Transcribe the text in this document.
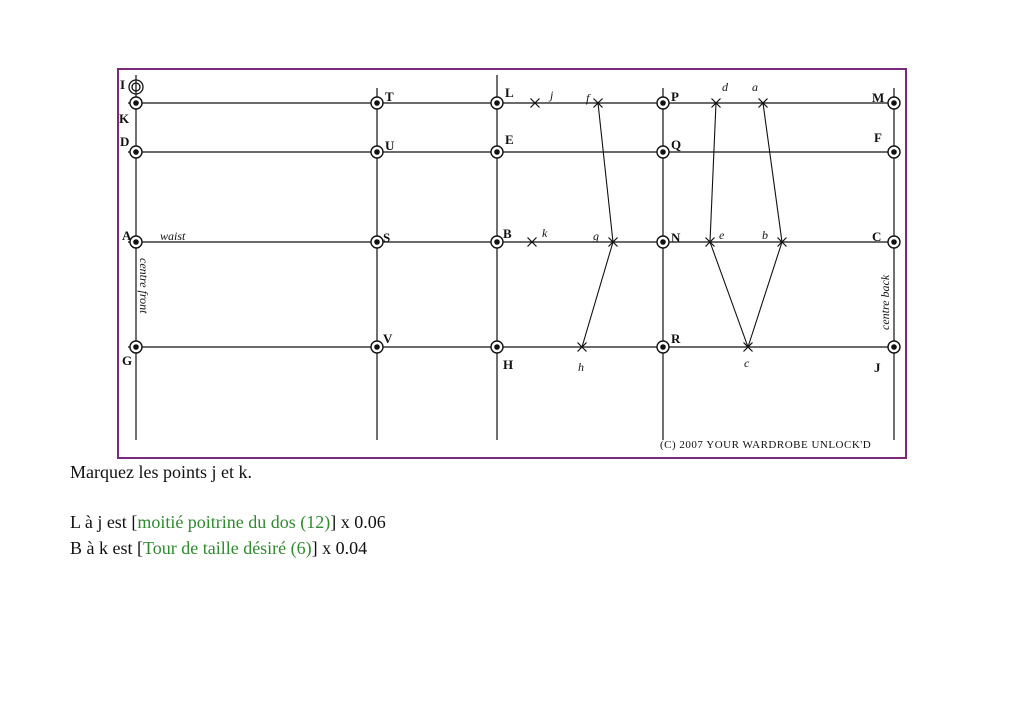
I
K
D
A
G
T
U
S
V
L
E
B
H
P
Q
N
R
M
F
C
J
j	f
d a
k	g	e	b
h	c
waist
centre front	centre back
(C) 2007 YOUR WARDROBE UNLOCK'D
Marquez les points j et k.
L à j est [moitié poitrine du dos (12)] x 0.06
B à k est [Tour de taille désiré (6)] x 0.04
